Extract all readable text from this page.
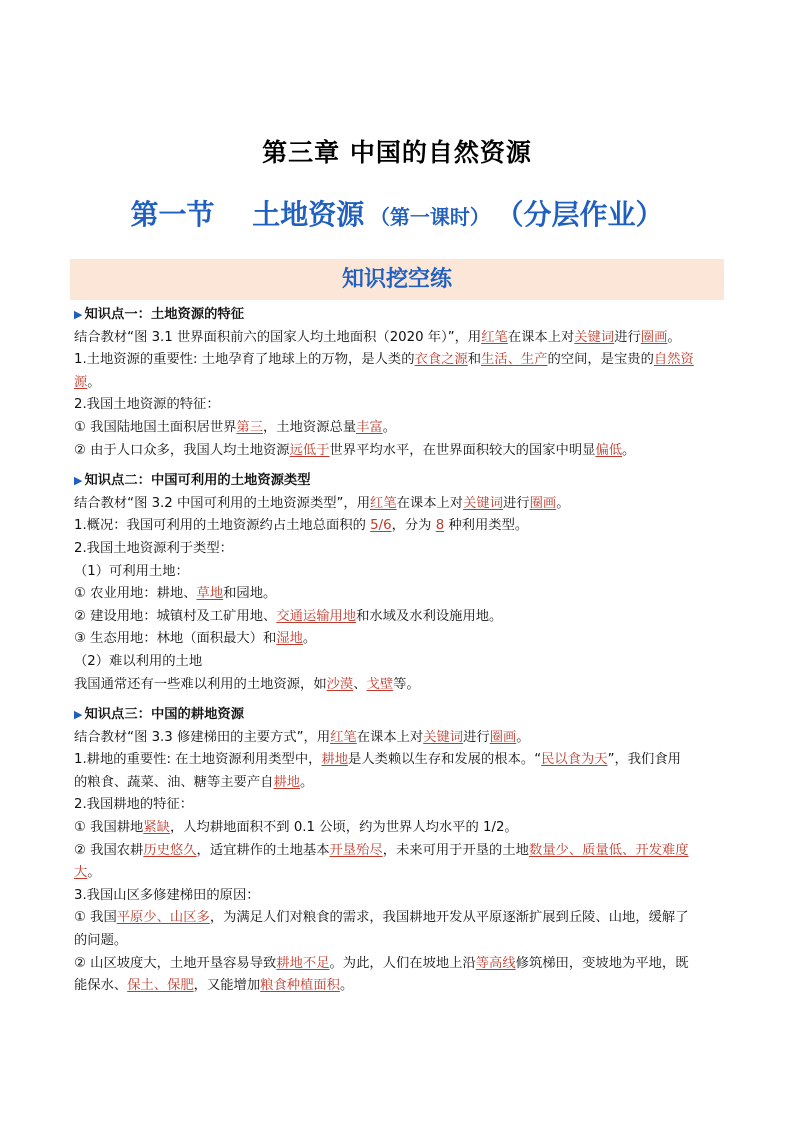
第三章 中国的自然资源
第一节　 土地资源 （第一课时） （分层作业）
知识挖空练
▶ 知识点一：土地资源的特征
结合教材“图 3.1 世界面积前六的国家人均土地面积（2020 年）”，用红笔在课本上对关键词进行圈画。
1.土地资源的重要性: 土地孕育了地球上的万物，是人类的衣食之源和生活、生产的空间，是宝贵的自然资
源。
2.我国土地资源的特征：
① 我国陆地国土面积居世界第三，土地资源总量丰富。
② 由于人口众多，我国人均土地资源远低于世界平均水平，在世界面积较大的国家中明显偏低。
▶ 知识点二：中国可利用的土地资源类型
结合教材“图 3.2 中国可利用的土地资源类型”，用红笔在课本上对关键词进行圈画。
1.概况：我国可利用的土地资源约占土地总面积的 5/6，分为 8 种利用类型。
2.我国土地资源利于类型：
（1）可利用土地：
① 农业用地：耕地、草地和园地。
② 建设用地：城镇村及工矿用地、交通运输用地和水域及水利设施用地。
③ 生态用地：林地（面积最大）和湿地。
（2）难以利用的土地
我国通常还有一些难以利用的土地资源，如沙漠、戈壁等。
▶ 知识点三：中国的耕地资源
结合教材“图 3.3 修建梯田的主要方式”，用红笔在课本上对关键词进行圈画。
1.耕地的重要性: 在土地资源利用类型中，耕地是人类赖以生存和发展的根本。“民以食为天”，我们食用
的粮食、蔬菜、油、糖等主要产自耕地。
2.我国耕地的特征：
① 我国耕地紧缺，人均耕地面积不到 0.1 公顷，约为世界人均水平的 1/2。
② 我国农耕历史悠久，适宜耕作的土地基本开垦殆尽，未来可用于开垦的土地数量少、质量低、开发难度
大。
3.我国山区多修建梯田的原因：
① 我国平原少、山区多，为满足人们对粮食的需求，我国耕地开发从平原逐渐扩展到丘陵、山地，缓解了
的问题。
② 山区坡度大，土地开垦容易导致耕地不足。为此，人们在坡地上沿等高线修筑梯田，变坡地为平地，既
能保水、保土、保肥，又能增加粮食种植面积。
